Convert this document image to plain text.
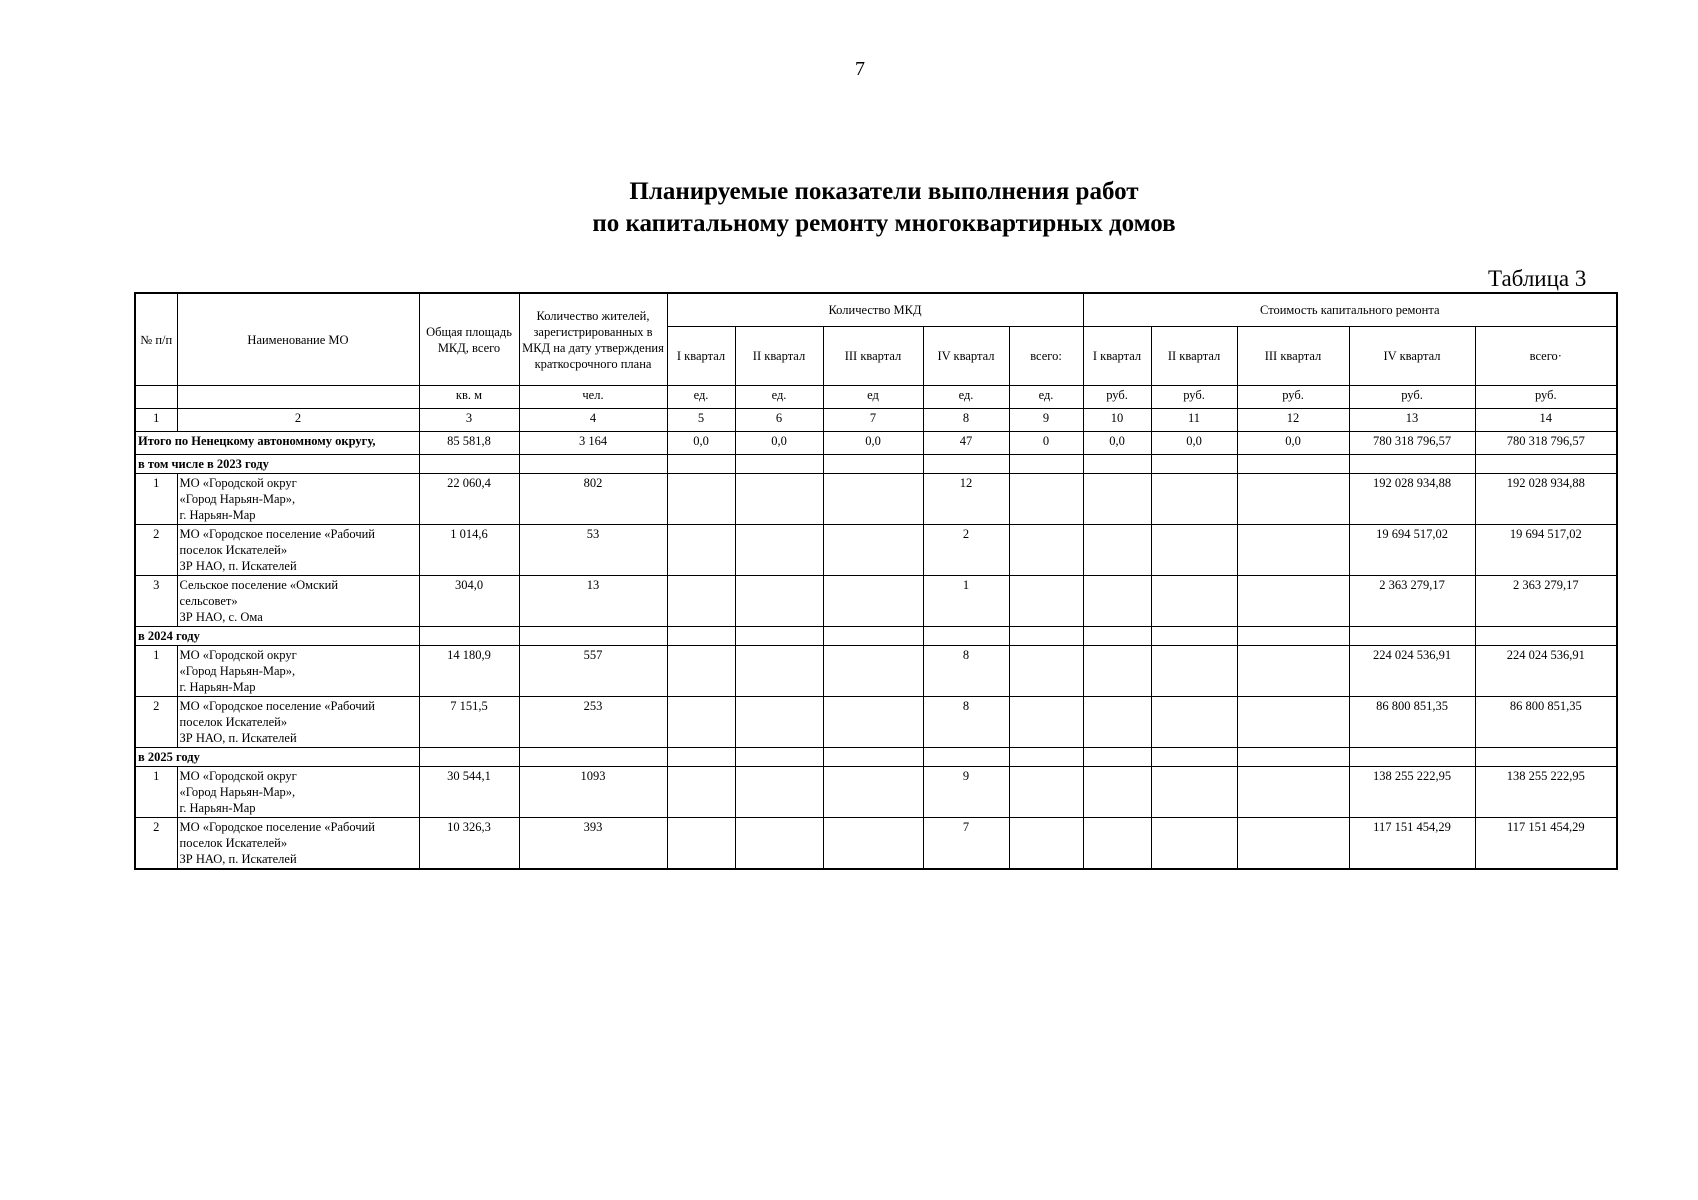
7
Планируемые показатели выполнения работ
по капитальному ремонту многоквартирных домов
Таблица 3
№ п/п	Наименование МО	Общая площадь МКД, всего	Количество жителей, зарегистрированных в МКД на дату утверждения краткосрочного плана	Количество МКД					Стоимость капитального ремонта				
				I квартал	II квартал	III квартал	IV квартал	всего:	I квартал	II квартал	III квартал	IV квартал	всего·
		кв. м	чел.	ед.	ед.	ед	ед.	ед.	руб.	руб.	руб.	руб.	руб.
1	2	3	4	5	6	7	8	9	10	11	12	13	14
Итого по Ненецкому автономному округу,		85 581,8	3 164	0,0	0,0	0,0	47	0	0,0	0,0	0,0	780 318 796,57	780 318 796,57
в том числе в 2023 году													
1	МО «Городской округ
«Город Нарьян-Мар»,
г. Нарьян-Мар	22 060,4	802				12					192 028 934,88	192 028 934,88
2	МО «Городское поселение «Рабочий
поселок Искателей»
ЗР НАО, п. Искателей	1 014,6	53				2					19 694 517,02	19 694 517,02
3	Сельское поселение «Омский
сельсовет»
ЗР НАО, с. Ома	304,0	13				1					2 363 279,17	2 363 279,17
в 2024 году													
1	МО «Городской округ
«Город Нарьян-Мар»,
г. Нарьян-Мар	14 180,9	557				8					224 024 536,91	224 024 536,91
2	МО «Городское поселение «Рабочий
поселок Искателей»
ЗР НАО, п. Искателей	7 151,5	253				8					86 800 851,35	86 800 851,35
в 2025 году													
1	МО «Городской округ
«Город Нарьян-Мар»,
г. Нарьян-Мар	30 544,1	1093				9					138 255 222,95	138 255 222,95
2	МО «Городское поселение «Рабочий
поселок Искателей»
ЗР НАО, п. Искателей	10 326,3	393				7					117 151 454,29	117 151 454,29
